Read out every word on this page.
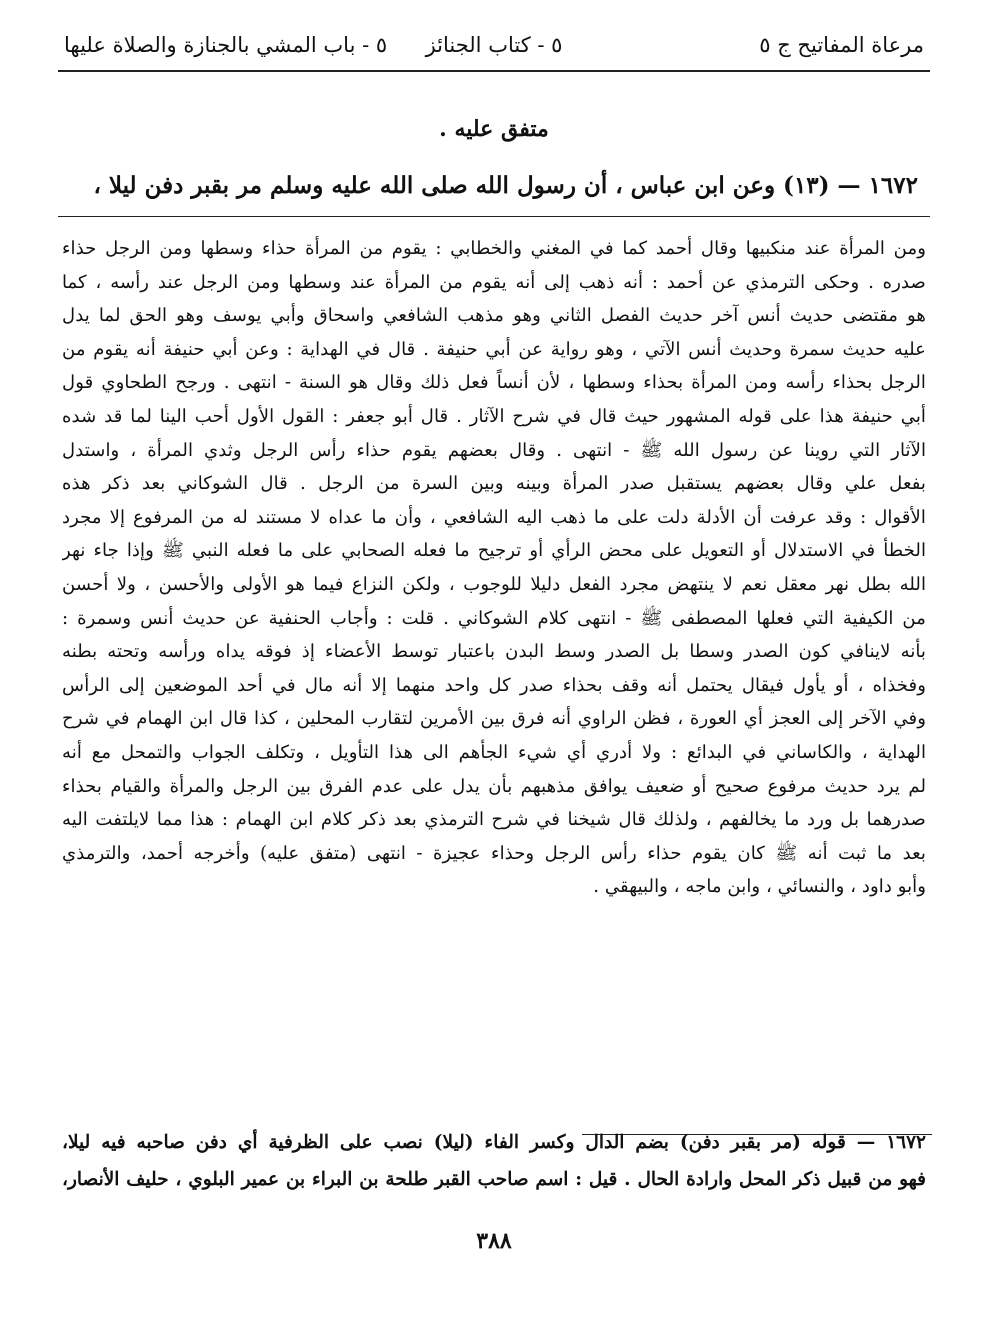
مرعاة المفاتيح ج ٥
٥ - كتاب الجنائز
٥ - باب المشي بالجنازة والصلاة عليها
متفق عليه .
١٦٧٢ — (١٣) وعن ابن عباس ، أن رسول الله صلى الله عليه وسلم مر بقبر دفن ليلا ،
ومن المرأة عند منكبيها وقال أحمد كما في المغني والخطابي : يقوم من المرأة حذاء وسطها ومن الرجل حذاء
صدره . وحكى الترمذي عن أحمد : أنه ذهب إلى أنه يقوم من المرأة عند وسطها ومن الرجل عند رأسه ، كما
هو مقتضى حديث أنس آخر حديث الفصل الثاني وهو مذهب الشافعي واسحاق وأبي يوسف وهو الحق لما يدل
عليه حديث سمرة وحديث أنس الآتي ، وهو رواية عن أبي حنيفة . قال في الهداية : وعن أبي حنيفة أنه يقوم من
الرجل بحذاء رأسه ومن المرأة بحذاء وسطها ، لأن أنساً فعل ذلك وقال هو السنة - انتهى . ورجح الطحاوي قول
أبي حنيفة هذا على قوله المشهور حيث قال في شرح الآثار . قال أبو جعفر : القول الأول أحب الينا لما قد شده
الآثار التي روينا عن رسول الله ﷺ - انتهى . وقال بعضهم يقوم حذاء رأس الرجل وثدي المرأة ، واستدل
بفعل علي وقال بعضهم يستقبل صدر المرأة وبينه وبين السرة من الرجل . قال الشوكاني بعد ذكر هذه
الأقوال : وقد عرفت أن الأدلة دلت على ما ذهب اليه الشافعي ، وأن ما عداه لا مستند له من المرفوع إلا مجرد
الخطأ في الاستدلال أو التعويل على محض الرأي أو ترجيح ما فعله الصحابي على ما فعله النبي ﷺ وإذا جاء نهر
الله بطل نهر معقل نعم لا ينتهض مجرد الفعل دليلا للوجوب ، ولكن النزاع فيما هو الأولى والأحسن ، ولا أحسن
من الكيفية التي فعلها المصطفى ﷺ - انتهى كلام الشوكاني . قلت : وأجاب الحنفية عن حديث أنس وسمرة :
بأنه لاينافي كون الصدر وسطا بل الصدر وسط البدن باعتبار توسط الأعضاء إذ فوقه يداه ورأسه وتحته بطنه
وفخذاه ، أو يأول فيقال يحتمل أنه وقف بحذاء صدر كل واحد منهما إلا أنه مال في أحد الموضعين إلى الرأس
وفي الآخر إلى العجز أي العورة ، فظن الراوي أنه فرق بين الأمرين لتقارب المحلين ، كذا قال ابن الهمام في شرح
الهداية ، والكاساني في البدائع : ولا أدري أي شيء الجأهم الى هذا التأويل ، وتكلف الجواب والتمحل مع أنه
لم يرد حديث مرفوع صحيح أو ضعيف يوافق مذهبهم بأن يدل على عدم الفرق بين الرجل والمرأة والقيام بحذاء
صدرهما بل ورد ما يخالفهم ، ولذلك قال شيخنا في شرح الترمذي بعد ذكر كلام ابن الهمام : هذا مما لايلتفت اليه
بعد ما ثبت أنه ﷺ كان يقوم حذاء رأس الرجل وحذاء عجيزة - انتهى (متفق عليه) وأخرجه أحمد، والترمذي
وأبو داود ، والنسائي ، وابن ماجه ، والبيهقي .
١٦٧٢ — قوله (مر بقبر دفن) بضم الدال وكسر الفاء (ليلا) نصب على الظرفية أي دفن صاحبه فيه ليلا،
فهو من قبيل ذكر المحل وارادة الحال . قيل : اسم صاحب القبر طلحة بن البراء بن عمير البلوي ، حليف الأنصار،
٣٨٨
